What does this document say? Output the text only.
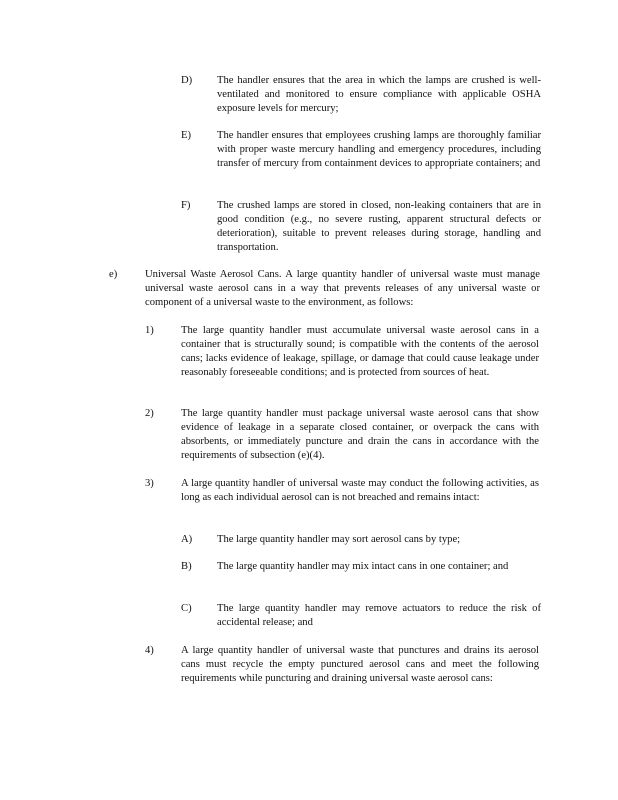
D) The handler ensures that the area in which the lamps are crushed is well-ventilated and monitored to ensure compliance with applicable OSHA exposure levels for mercury;
E) The handler ensures that employees crushing lamps are thoroughly familiar with proper waste mercury handling and emergency procedures, including transfer of mercury from containment devices to appropriate containers; and
F)	The crushed lamps are stored in closed, non-leaking containers that are in good condition (e.g., no severe rusting, apparent structural defects or deterioration), suitable to prevent releases during storage, handling and transportation.
e)	Universal Waste Aerosol Cans. A large quantity handler of universal waste must manage universal waste aerosol cans in a way that prevents releases of any universal waste or component of a universal waste to the environment, as follows:
1)	The large quantity handler must accumulate universal waste aerosol cans in a container that is structurally sound; is compatible with the contents of the aerosol cans; lacks evidence of leakage, spillage, or damage that could cause leakage under reasonably foreseeable conditions; and is protected from sources of heat.
2)	The large quantity handler must package universal waste aerosol cans that show evidence of leakage in a separate closed container, or overpack the cans with absorbents, or immediately puncture and drain the cans in accordance with the requirements of subsection (e)(4).
3)	A large quantity handler of universal waste may conduct the following activities, as long as each individual aerosol can is not breached and remains intact:
A) The large quantity handler may sort aerosol cans by type;
B) The large quantity handler may mix intact cans in one container; and
C) The large quantity handler may remove actuators to reduce the risk of accidental release; and
4)	A large quantity handler of universal waste that punctures and drains its aerosol cans must recycle the empty punctured aerosol cans and meet the following requirements while puncturing and draining universal waste aerosol cans:
